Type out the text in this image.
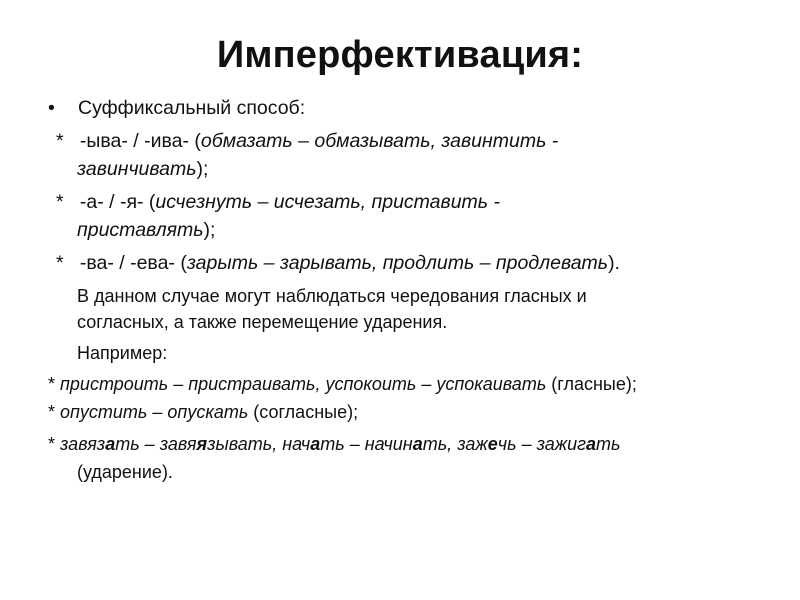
Имперфективация:
• Суффиксальный способ:
* -ыва- / -ива- (обмазать – обмазывать, завинтить -
завинчивать);
* -а- / -я- (исчезнуть – исчезать, приставить -
приставлять);
* -ва- / -ева- (зарыть – зарывать, продлить – продлевать).
В данном случае могут наблюдаться чередования гласных и
согласных, а также перемещение ударения.
Например:
* пристроить – пристраивать, успокоить – успокаивать (гласные);
* опустить – опускать (согласные);
* завязать – завяязывать, начать – начинать, зажечь – зажигать
(ударение).
